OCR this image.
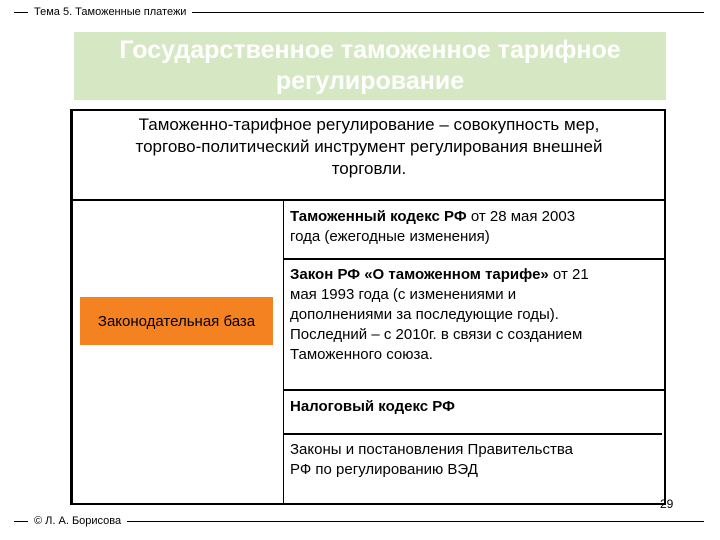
Тема 5. Таможенные платежи
Государственное таможенное тарифное
регулирование
Таможенно-тарифное регулирование – совокупность мер,
торгово-политический инструмент регулирования внешней
торговли.
Законодательная база
Таможенный кодекс РФ от 28 мая 2003
года (ежегодные изменения)
Закон РФ «О таможенном тарифе» от 21
мая 1993 года (с изменениями и
дополнениями за последующие годы).
Последний – с 2010г. в связи с созданием
Таможенного союза.
Налоговый кодекс РФ
Законы и постановления Правительства
РФ по регулированию ВЭД
29
© Л. А. Борисова
